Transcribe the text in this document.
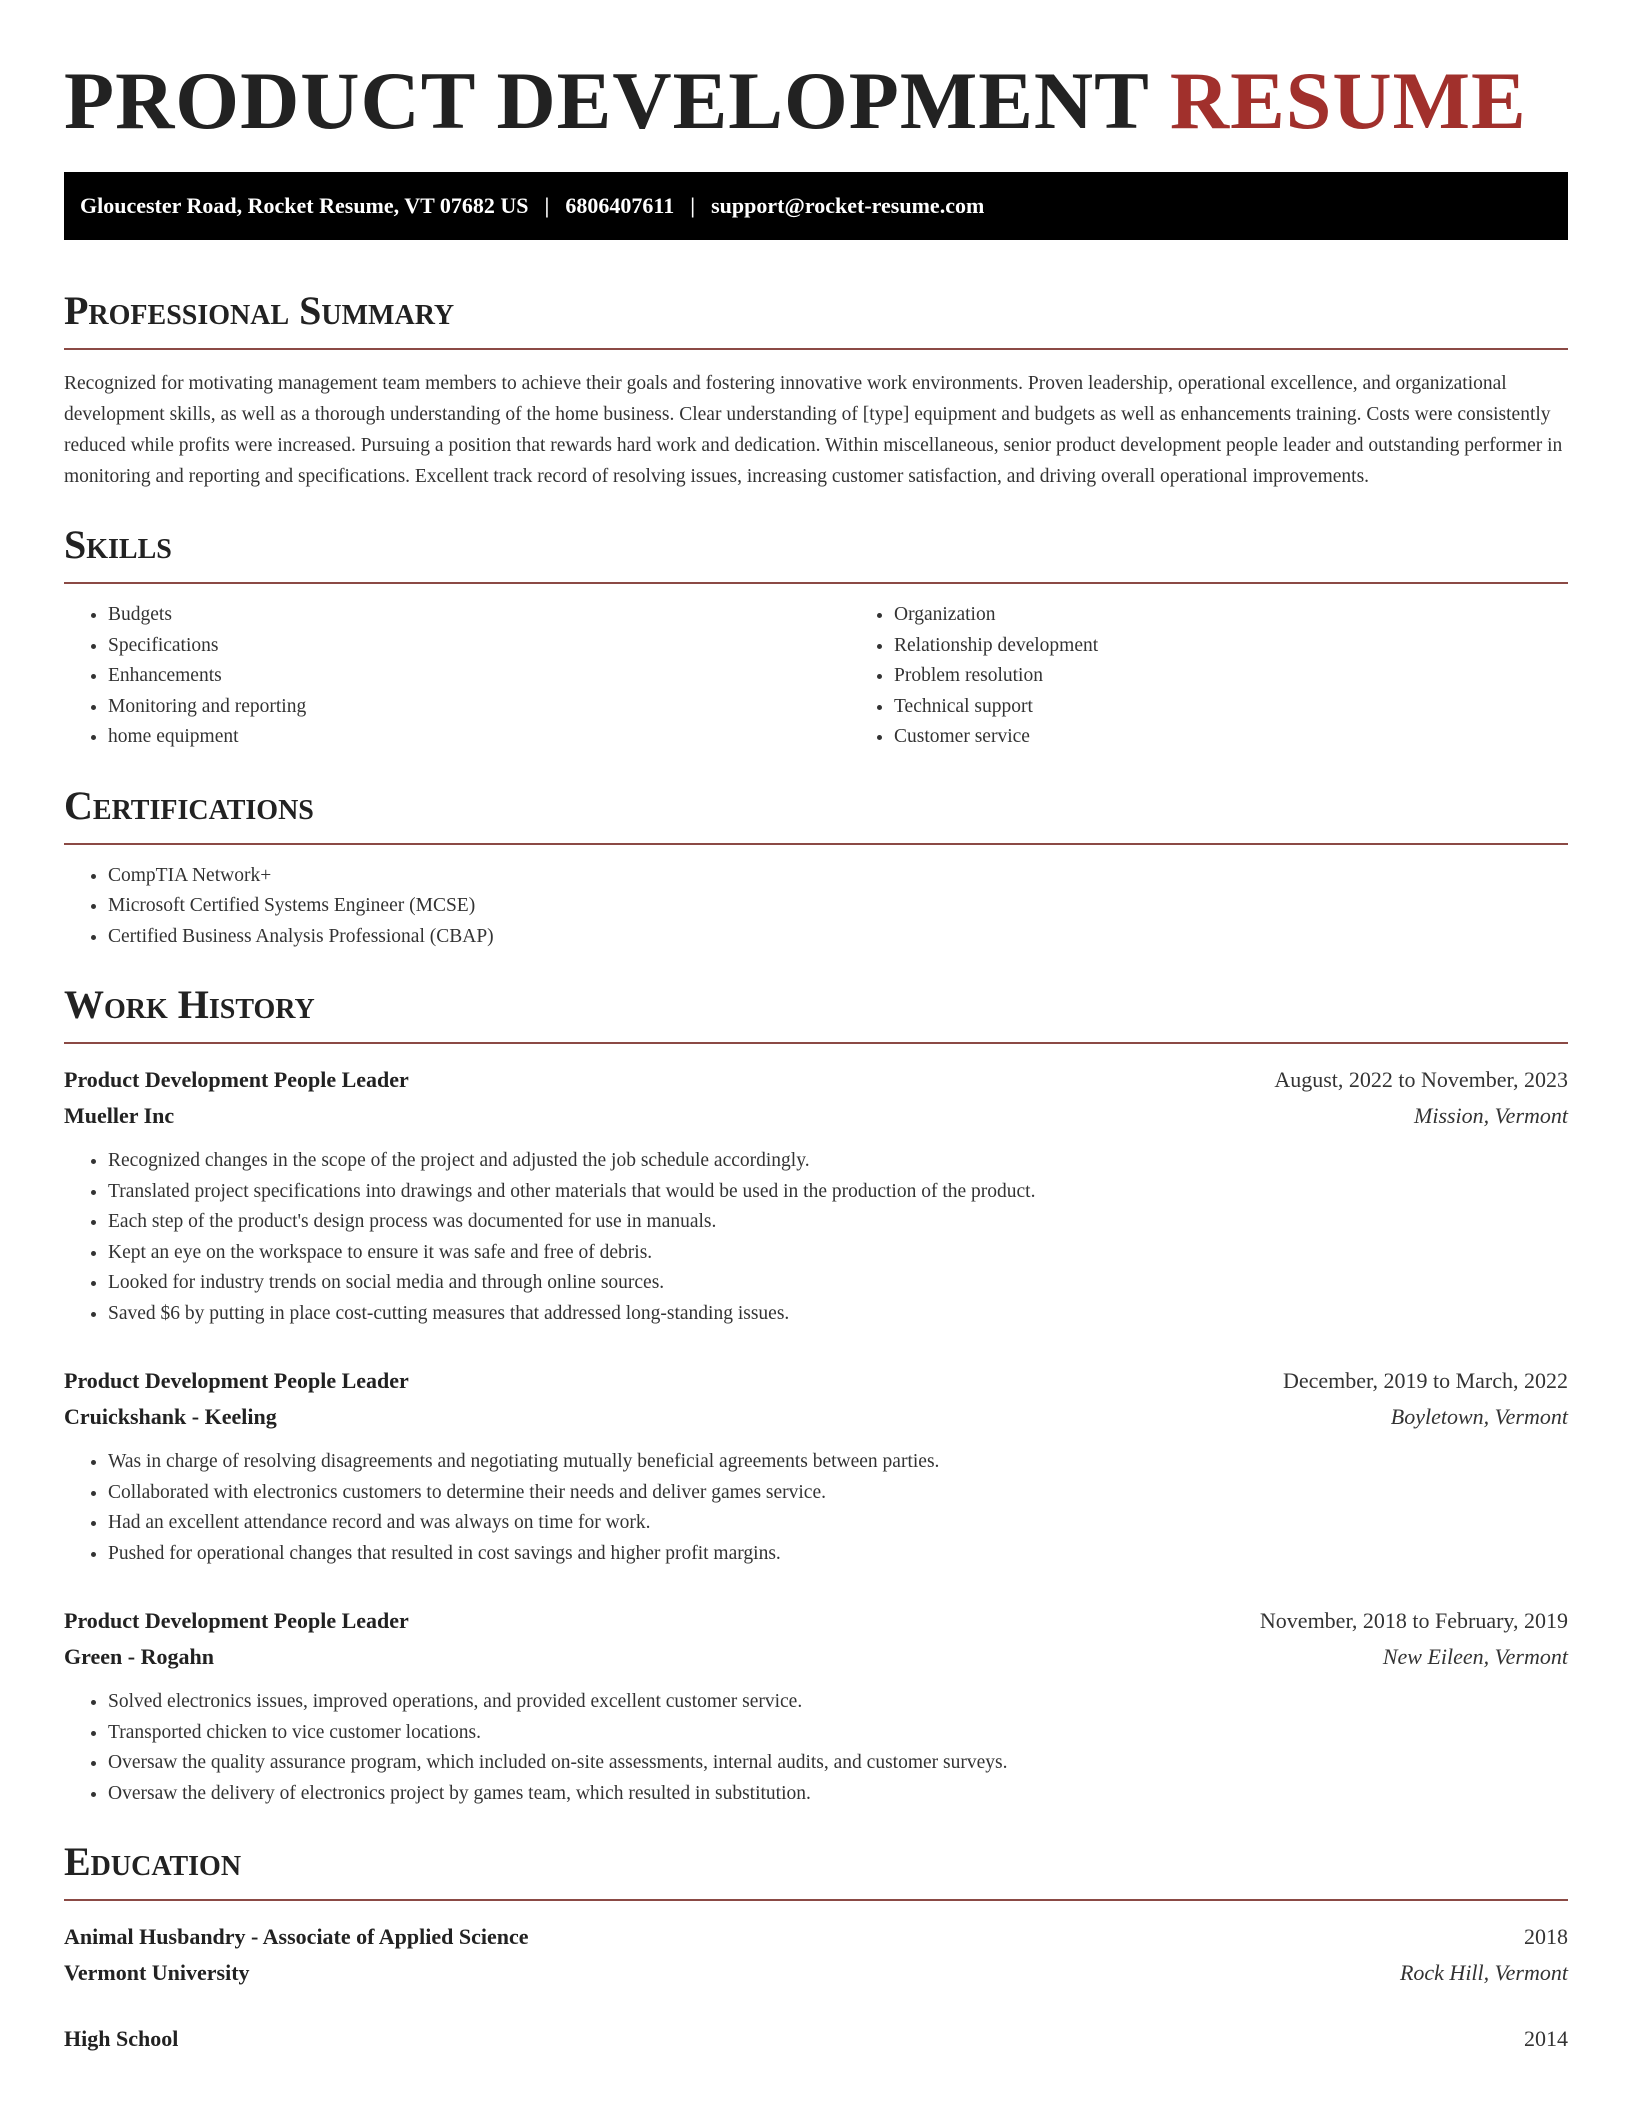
PRODUCT DEVELOPMENT RESUME
Gloucester Road, Rocket Resume, VT 07682 US | 6806407611 | support@rocket-resume.com
Professional Summary

Recognized for motivating management team members to achieve their goals and fostering innovative work environments. Proven leadership, operational excellence, and organizational development skills, as well as a thorough understanding of the home business. Clear understanding of [type] equipment and budgets as well as enhancements training. Costs were consistently reduced while profits were increased. Pursuing a position that rewards hard work and dedication. Within miscellaneous, senior product development people leader and outstanding performer in monitoring and reporting and specifications. Excellent track record of resolving issues, increasing customer satisfaction, and driving overall operational improvements.

Skills
• Budgets
• Specifications
• Enhancements
• Monitoring and reporting
• home equipment
• Organization
• Relationship development
• Problem resolution
• Technical support
• Customer service
Certifications
• CompTIA Network+
• Microsoft Certified Systems Engineer (MCSE)
• Certified Business Analysis Professional (CBAP)
Work History
Product Development People Leader	August, 2022 to November, 2023
Mueller Inc	Mission, Vermont
• Recognized changes in the scope of the project and adjusted the job schedule accordingly.
• Translated project specifications into drawings and other materials that would be used in the production of the product.
• Each step of the product's design process was documented for use in manuals.
• Kept an eye on the workspace to ensure it was safe and free of debris.
• Looked for industry trends on social media and through online sources.
• Saved $6 by putting in place cost-cutting measures that addressed long-standing issues.
Product Development People Leader	December, 2019 to March, 2022
Cruickshank - Keeling	Boyletown, Vermont
• Was in charge of resolving disagreements and negotiating mutually beneficial agreements between parties.
• Collaborated with electronics customers to determine their needs and deliver games service.
• Had an excellent attendance record and was always on time for work.
• Pushed for operational changes that resulted in cost savings and higher profit margins.
Product Development People Leader	November, 2018 to February, 2019
Green - Rogahn	New Eileen, Vermont
• Solved electronics issues, improved operations, and provided excellent customer service.
• Transported chicken to vice customer locations.
• Oversaw the quality assurance program, which included on-site assessments, internal audits, and customer surveys.
• Oversaw the delivery of electronics project by games team, which resulted in substitution.
Education
Animal Husbandry - Associate of Applied Science	2018
Vermont University	Rock Hill, Vermont
High School	2014
